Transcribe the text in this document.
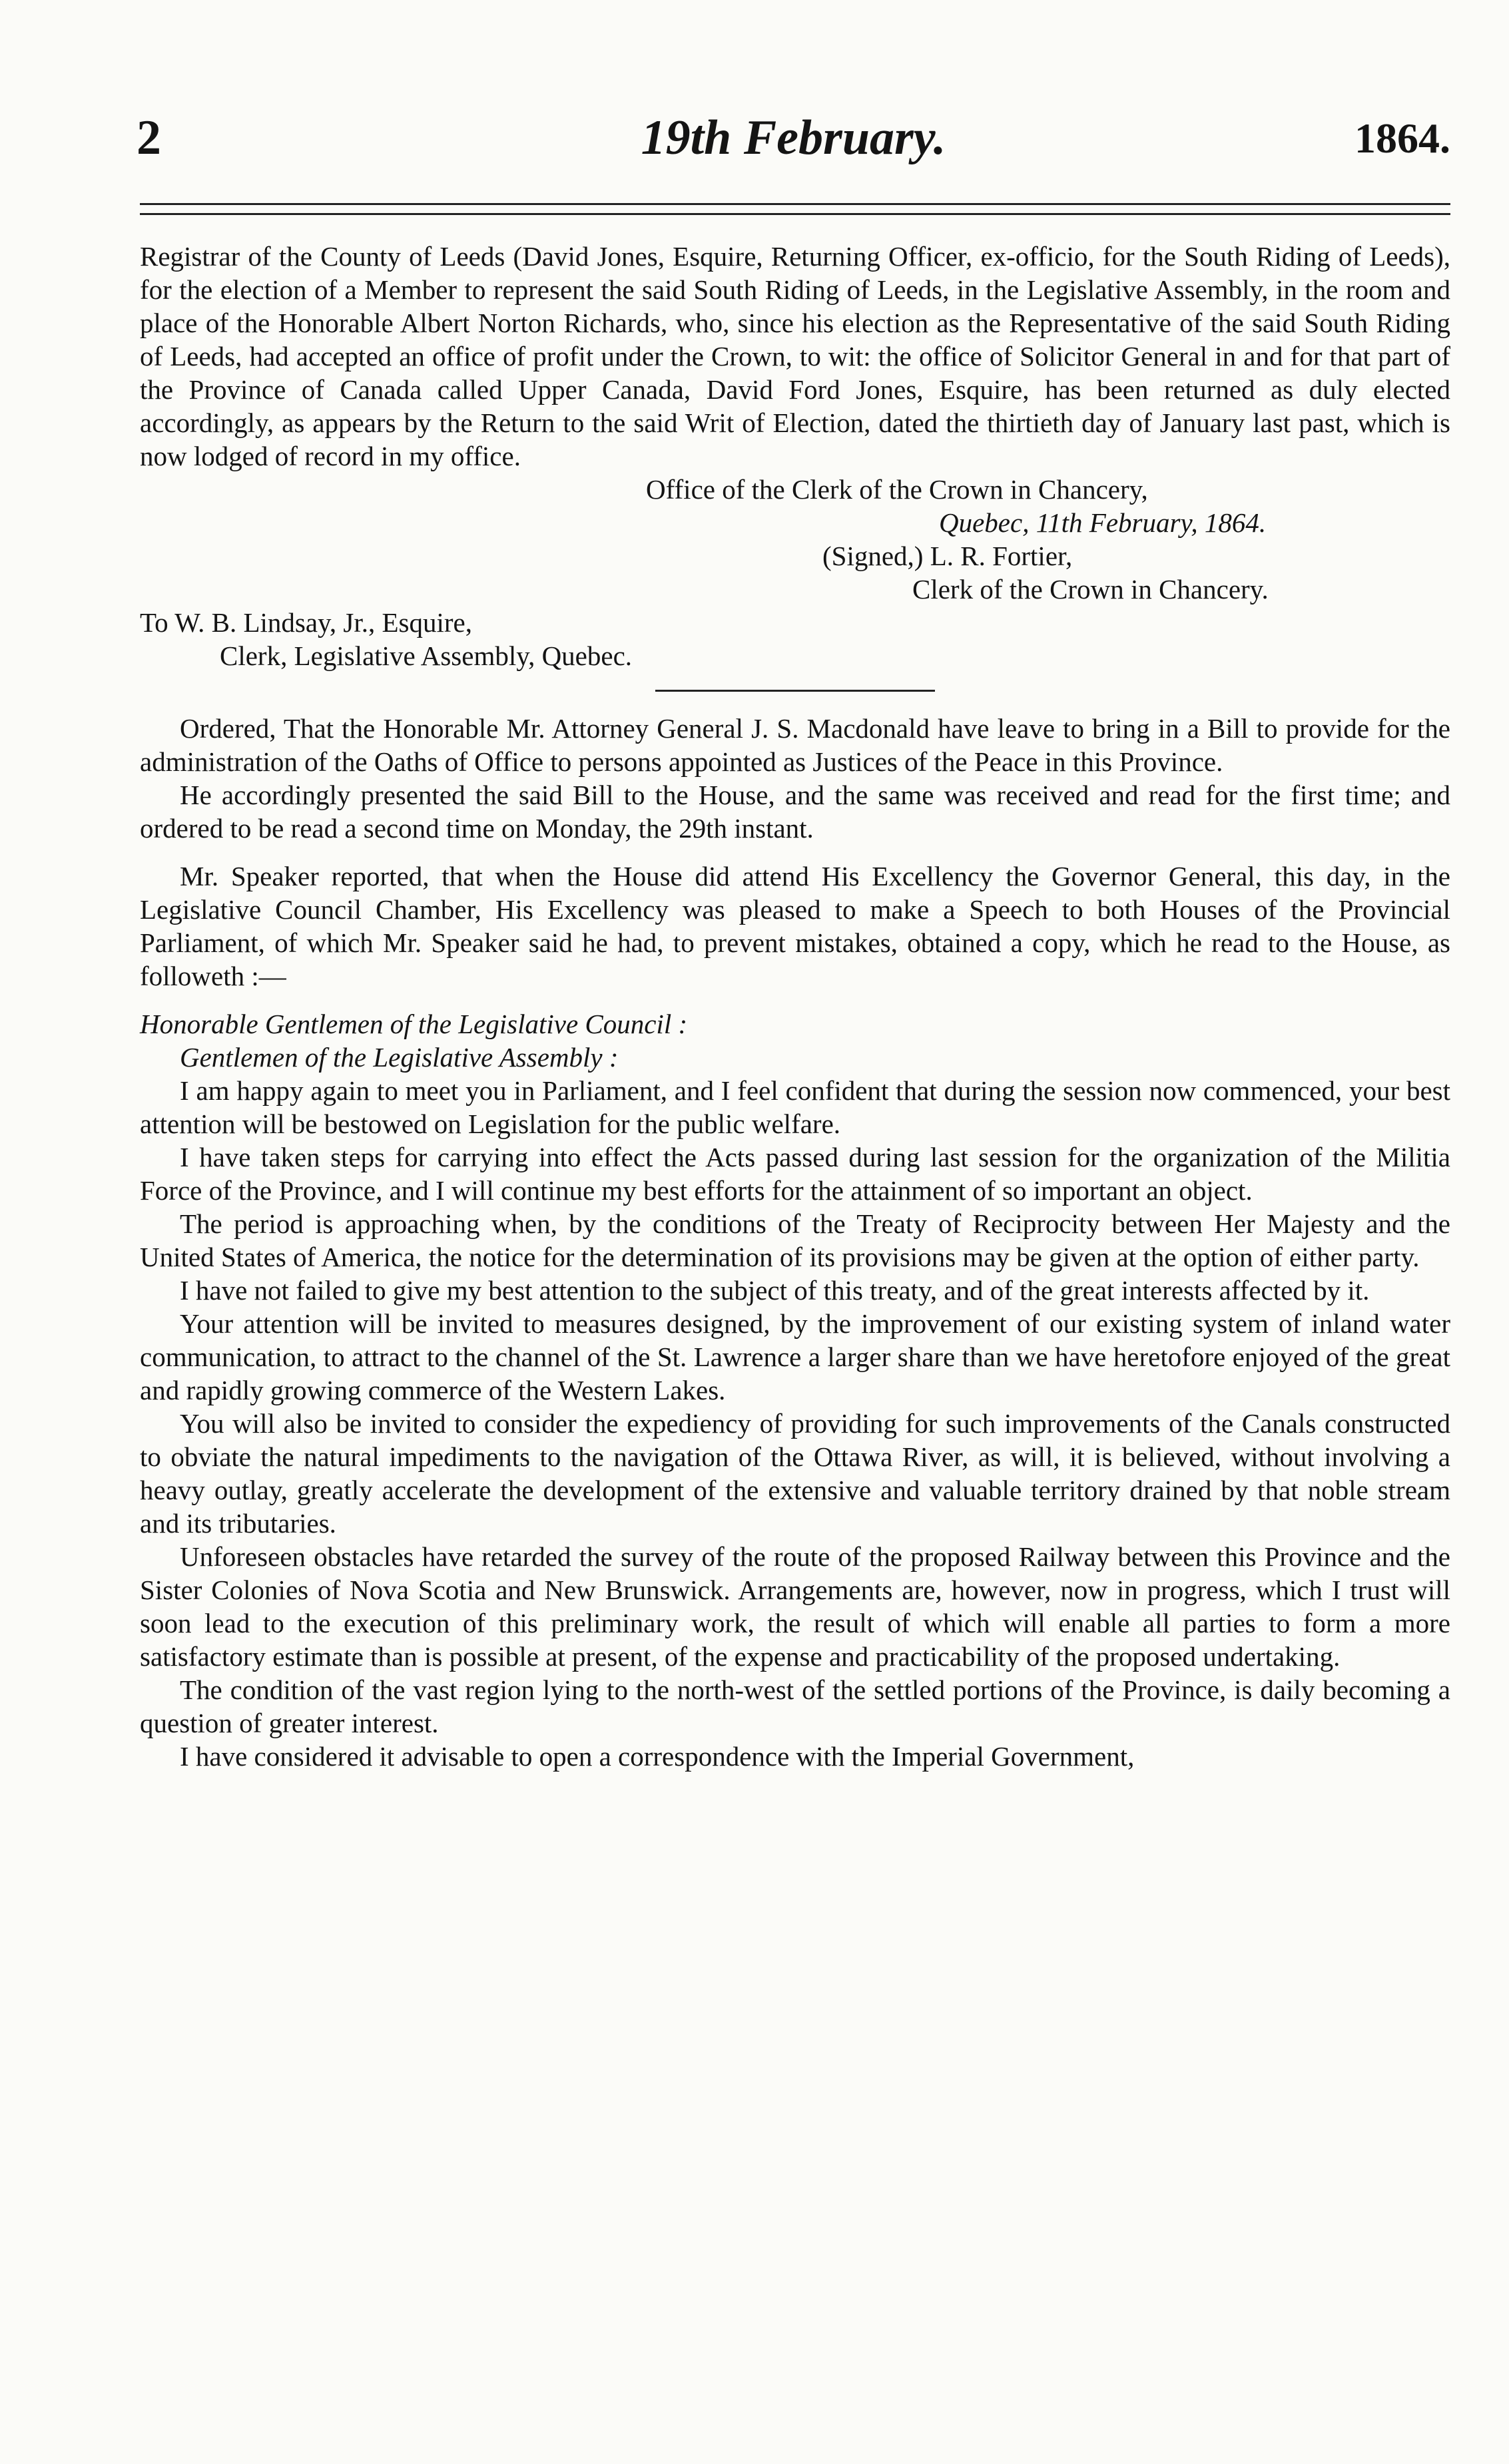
2	19th February.	1864.

Registrar of the County of Leeds (David Jones, Esquire, Returning Officer, ex-officio, for the South Riding of Leeds), for the election of a Member to represent the said South Riding of Leeds, in the Legislative Assembly, in the room and place of the Honorable Albert Norton Richards, who, since his election as the Representative of the said South Riding of Leeds, had accepted an office of profit under the Crown, to wit: the office of Solicitor General in and for that part of the Province of Canada called Upper Canada, David Ford Jones, Esquire, has been returned as duly elected accordingly, as appears by the Return to the said Writ of Election, dated the thirtieth day of January last past, which is now lodged of record in my office.

Office of the Clerk of the Crown in Chancery,

Quebec, 11th February, 1864.

(Signed,) L. R. Fortier,

Clerk of the Crown in Chancery.

To W. B. Lindsay, Jr., Esquire,

Clerk, Legislative Assembly, Quebec.

Ordered, That the Honorable Mr. Attorney General J. S. Macdonald have leave to bring in a Bill to provide for the administration of the Oaths of Office to persons appointed as Justices of the Peace in this Province.

He accordingly presented the said Bill to the House, and the same was received and read for the first time; and ordered to be read a second time on Monday, the 29th instant.

Mr. Speaker reported, that when the House did attend His Excellency the Governor General, this day, in the Legislative Council Chamber, His Excellency was pleased to make a Speech to both Houses of the Provincial Parliament, of which Mr. Speaker said he had, to prevent mistakes, obtained a copy, which he read to the House, as followeth :—

Honorable Gentlemen of the Legislative Council :

Gentlemen of the Legislative Assembly :

I am happy again to meet you in Parliament, and I feel confident that during the session now commenced, your best attention will be bestowed on Legislation for the public welfare.

I have taken steps for carrying into effect the Acts passed during last session for the organization of the Militia Force of the Province, and I will continue my best efforts for the attainment of so important an object.

The period is approaching when, by the conditions of the Treaty of Reciprocity between Her Majesty and the United States of America, the notice for the determination of its provisions may be given at the option of either party.

I have not failed to give my best attention to the subject of this treaty, and of the great interests affected by it.

Your attention will be invited to measures designed, by the improvement of our existing system of inland water communication, to attract to the channel of the St. Lawrence a larger share than we have heretofore enjoyed of the great and rapidly growing commerce of the Western Lakes.

You will also be invited to consider the expediency of providing for such improvements of the Canals constructed to obviate the natural impediments to the navigation of the Ottawa River, as will, it is believed, without involving a heavy outlay, greatly accelerate the development of the extensive and valuable territory drained by that noble stream and its tributaries.

Unforeseen obstacles have retarded the survey of the route of the proposed Railway between this Province and the Sister Colonies of Nova Scotia and New Brunswick. Arrangements are, however, now in progress, which I trust will soon lead to the execution of this preliminary work, the result of which will enable all parties to form a more satisfactory estimate than is possible at present, of the expense and practicability of the proposed undertaking.

The condition of the vast region lying to the north-west of the settled portions of the Province, is daily becoming a question of greater interest.

I have considered it advisable to open a correspondence with the Imperial Government,
